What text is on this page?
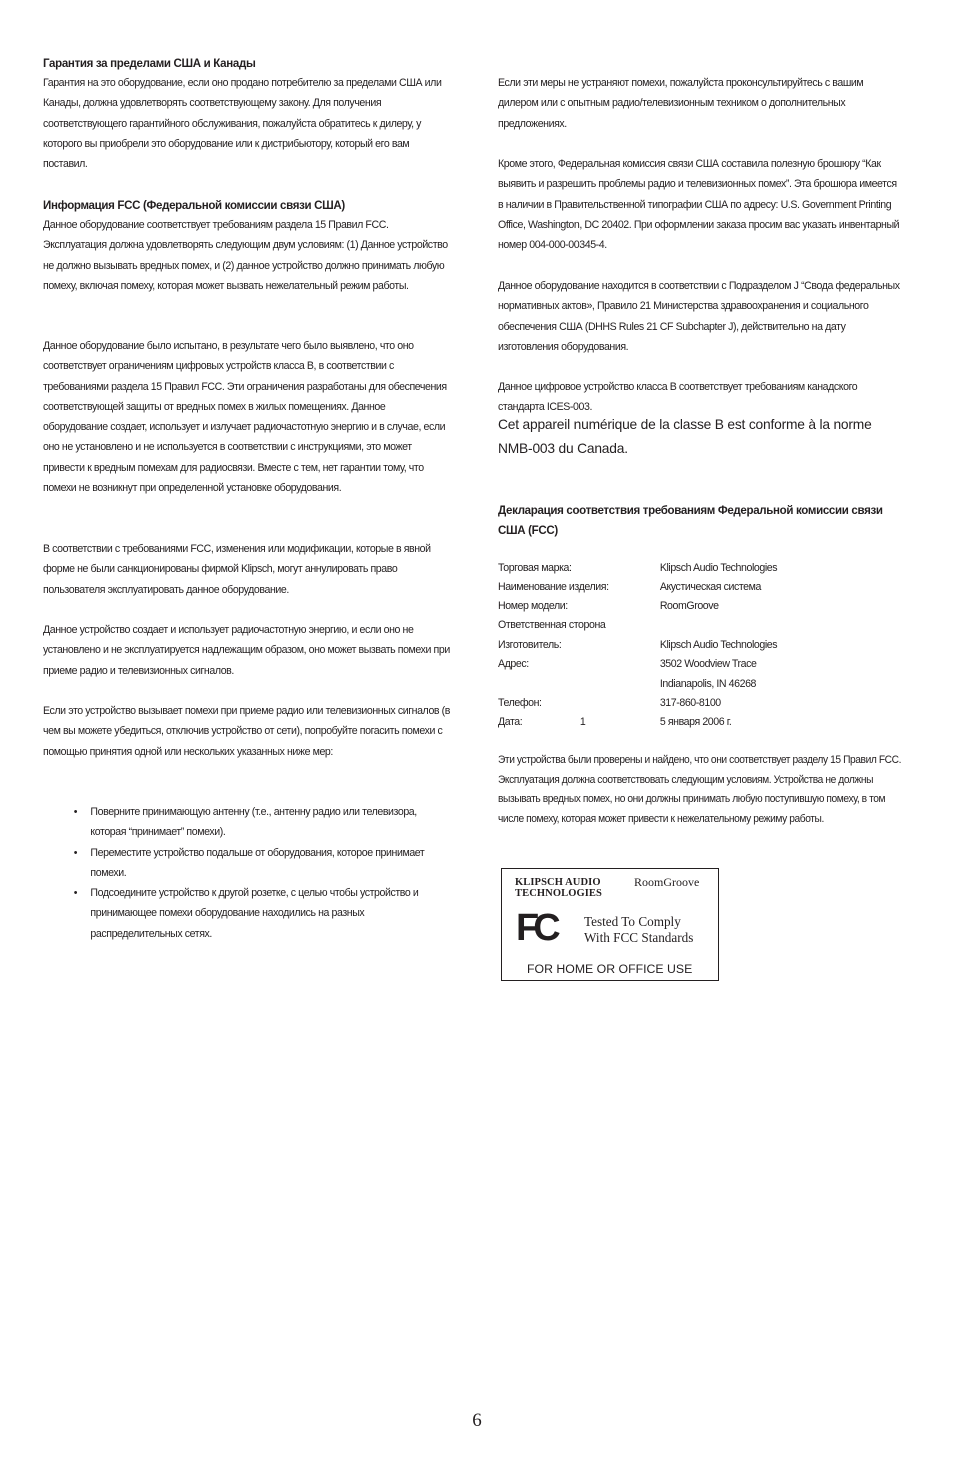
Гарантия за пределами США и Канады

Гарантия на это оборудование, если оно продано потребителю за пределами США или Канады, должна удовлетворять соответствующему закону. Для получения соответствующего гарантийного обслуживания, пожалуйста обратитесь к дилеру, у которого вы приобрели это оборудование или к дистрибьютору, который его вам поставил.

Информация FCC (Федеральной комиссии связи США)

Данное оборудование соответствует требованиям раздела 15 Правил FCC. Эксплуатация должна удовлетворять следующим двум условиям: (1) Данное устройство не должно вызывать вредных помех, и (2) данное устройство должно принимать любую помеху, включая помеху, которая может вызвать нежелательный режим работы.

Данное оборудование было испытано, в результате чего было выявлено, что оно соответствует ограничениям цифровых устройств класса B, в соответствии с требованиями раздела 15 Правил FCC. Эти ограничения разработаны для обеспечения соответствующей защиты от вредных помех в жилых помещениях. Данное оборудование создает, использует и излучает радиочастотную энергию и в случае, если оно не установлено и не используется в соответствии с инструкциями, это может привести к вредным помехам для радиосвязи. Вместе с тем, нет гарантии тому, что помехи не возникнут при определенной установке оборудования.

В соответствии с требованиями FCC, изменения или модификации, которые в явной форме не были санкционированы фирмой Klipsch, могут аннулировать право пользователя эксплуатировать данное оборудование.

Данное устройство создает и использует радиочастотную энергию, и если оно не установлено и не эксплуатируется надлежащим образом, оно может вызвать помехи при приеме радио и телевизионных сигналов.

Если это устройство вызывает помехи при приеме радио или телевизионных сигналов (в чем вы можете убедиться, отключив устройство от сети), попробуйте погасить помехи с помощью принятия одной или нескольких указанных ниже мер:

• Поверните принимающую антенну (т.е., антенну радио или телевизора, которая “принимает” помехи).
• Переместите устройство подальше от оборудования, которое принимает помехи.
• Подсоедините устройство к другой розетке, с целью чтобы устройство и принимающее помехи оборудование находились на разных распределительных сетях.

Если эти меры не устраняют помехи, пожалуйста проконсультируйтесь с вашим дилером или с опытным радио/телевизионным техником о дополнительных предложениях.

Кроме этого, Федеральная комиссия связи США составила полезную брошюру “Как выявить и разрешить проблемы радио и телевизионных помех”. Эта брошюра имеется в наличии в Правительственной типографии США по адресу: U.S. Government Printing Office, Washington, DC 20402. При оформлении заказа просим вас указать инвентарный номер 004-000-00345-4.

Данное оборудование находится в соответствии с Подразделом J “Свода федеральных нормативных актов», Правило 21 Министерства здравоохранения и социального обеспечения США (DHHS Rules 21 CF Subchapter J), действительно на дату изготовления оборудования.

Данное цифровое устройство класса B соответствует требованиям канадского стандарта ICES-003.

Cet appareil numérique de la classe B est conforme à la norme NMB-003 du Canada.

Декларация соответствия требованиям Федеральной комиссии связи США (FCC)
Торговая марка:	Klipsch Audio Technologies
Наименование изделия:	Акустическая система
Номер модели:	RoomGroove
Ответственная сторона
Изготовитель:	Klipsch Audio Technologies
Адрес:	3502 Woodview Trace
Indianapolis, IN 46268
Телефон:	317-860-8100
Дата:	1	5 января 2006 г.

Эти устройства были проверены и найдено, что они соответствует разделу 15 Правил FCC. Эксплуатация должна соответствовать следующим условиям. Устройства не должны вызывать вредных помех, но они должны принимать любую поступившую помеху, в том числе помеху, которая может привести к нежелательному режиму работы.

KLIPSCH AUDIO
TECHNOLOGIES
RoomGroove
FC Tested To Comply
With FCC Standards
FOR HOME OR OFFICE USE
6
